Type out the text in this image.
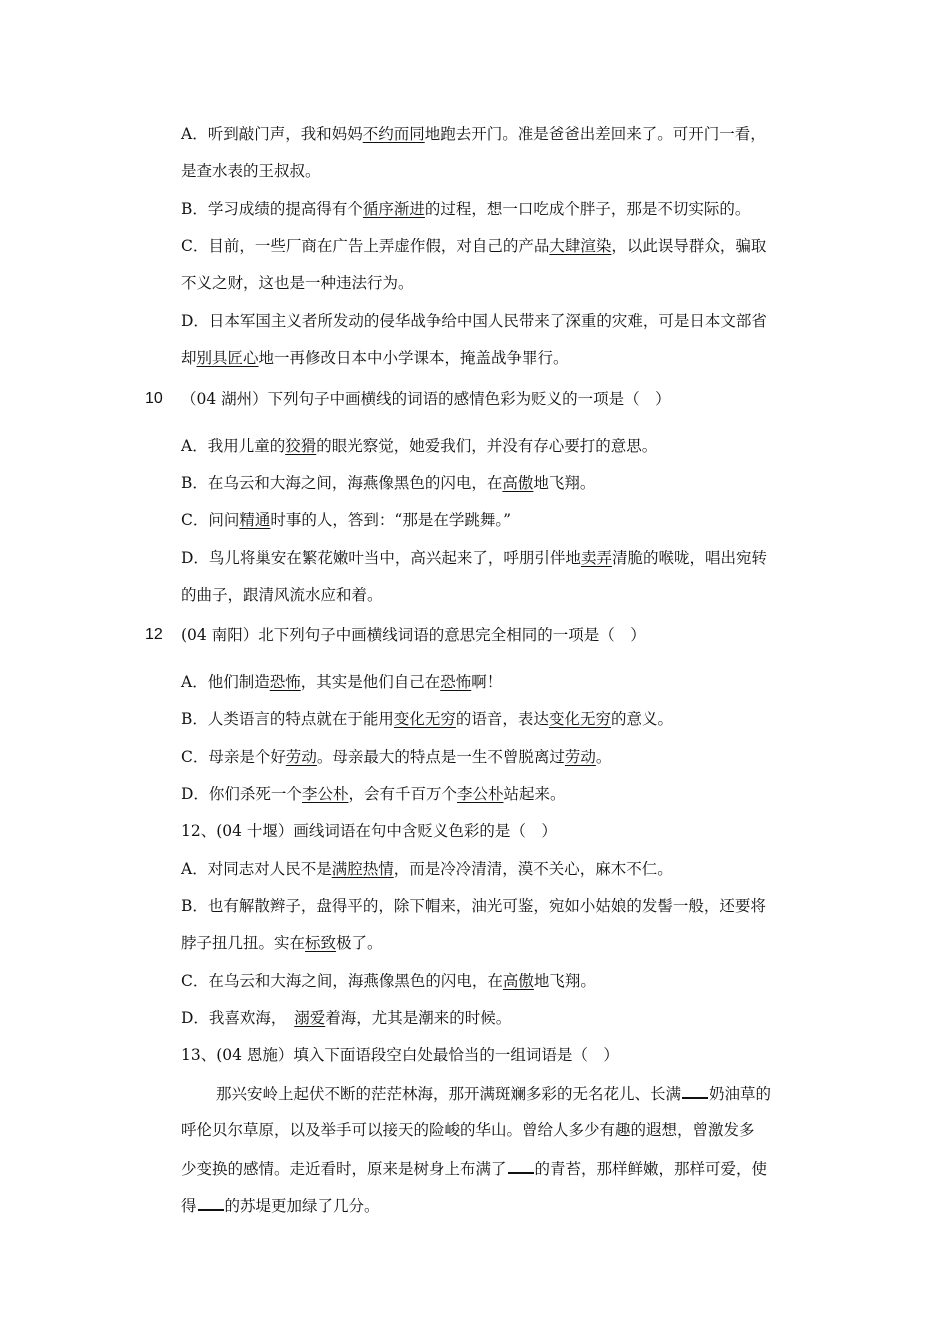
A．听到敲门声，我和妈妈不约而同地跑去开门。准是爸爸出差回来了。可开门一看，
是查水表的王叔叔。
B．学习成绩的提高得有个循序渐进的过程，想一口吃成个胖子，那是不切实际的。
C．目前，一些厂商在广告上弄虚作假，对自己的产品大肆渲染，以此误导群众，骗取
不义之财，这也是一种违法行为。
D．日本军国主义者所发动的侵华战争给中国人民带来了深重的灾难，可是日本文部省
却别具匠心地一再修改日本中小学课本，掩盖战争罪行。
10 （04 湖州）下列句子中画横线的词语的感情色彩为贬义的一项是（　）
A．我用儿童的狡猾的眼光察觉，她爱我们，并没有存心要打的意思。
B．在乌云和大海之间，海燕像黑色的闪电，在高傲地飞翔。
C．问问精通时事的人，答到：“那是在学跳舞。”
D．鸟儿将巢安在繁花嫩叶当中，高兴起来了，呼朋引伴地卖弄清脆的喉咙，唱出宛转
的曲子，跟清风流水应和着。
12 (04 南阳）北下列句子中画横线词语的意思完全相同的一项是（　）
A．他们制造恐怖，其实是他们自己在恐怖啊！
B．人类语言的特点就在于能用变化无穷的语音，表达变化无穷的意义。
C．母亲是个好劳动。母亲最大的特点是一生不曾脱离过劳动。
D．你们杀死一个李公朴，会有千百万个李公朴站起来。
12、(04 十堰）画线词语在句中含贬义色彩的是（　）
A．对同志对人民不是满腔热情，而是冷冷清清，漠不关心，麻木不仁。
B．也有解散辫子，盘得平的，除下帽来，油光可鉴，宛如小姑娘的发髻一般，还要将
脖子扭几扭。实在标致极了。
C．在乌云和大海之间，海燕像黑色的闪电，在高傲地飞翔。
D．我喜欢海，　溺爱着海，尤其是潮来的时候。
13、(04 恩施）填入下面语段空白处最恰当的一组词语是（　）
那兴安岭上起伏不断的茫茫林海，那开满斑斓多彩的无名花儿、长满 奶油草的
呼伦贝尔草原，以及举手可以接天的险峻的华山。曾给人多少有趣的遐想，曾激发多
少变换的感情。走近看时，原来是树身上布满了 的青苔，那样鲜嫩，那样可爱，使
得 的苏堤更加绿了几分。
